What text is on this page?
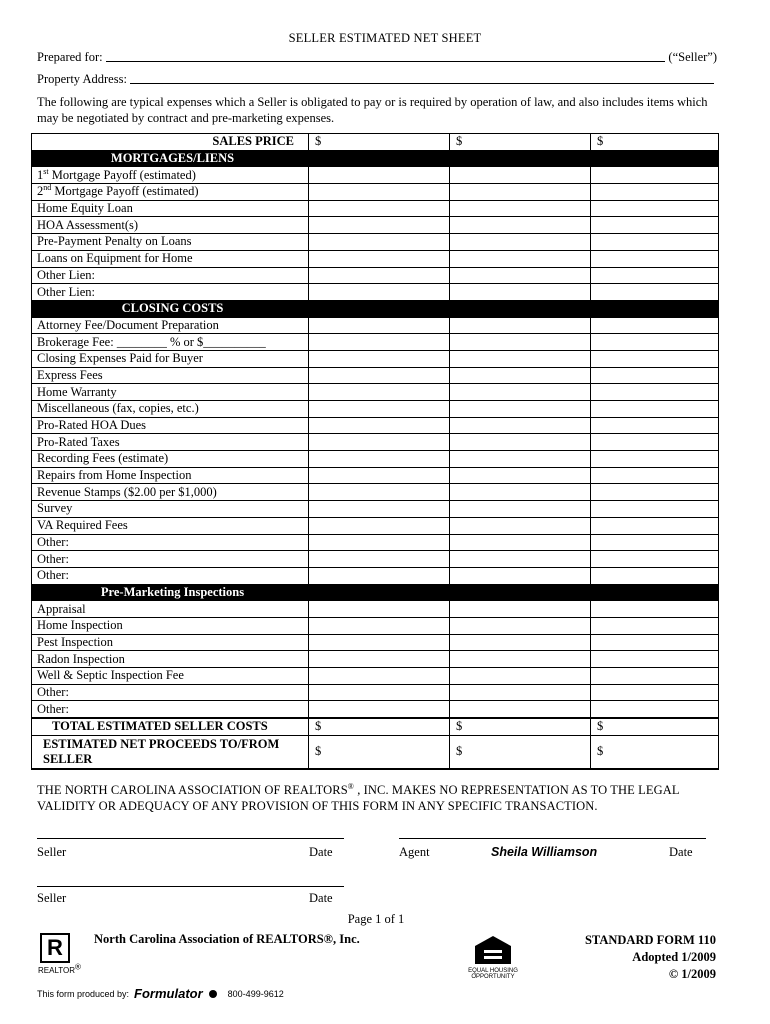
SELLER ESTIMATED NET SHEET
Prepared for:	(“Seller”)
Property Address:
The following are typical expenses which a Seller is obligated to pay or is required by operation of law, and also includes items which may be negotiated by contract and pre-marketing expenses.
SALES PRICE	$	$	$
MORTGAGES/LIENS			
1st Mortgage Payoff (estimated)			
2nd Mortgage Payoff (estimated)			
Home Equity Loan			
HOA Assessment(s)			
Pre-Payment Penalty on Loans			
Loans on Equipment for Home			
Other Lien:			
Other Lien:			
CLOSING COSTS			
Attorney Fee/Document Preparation			
Brokerage Fee: ________ % or $__________			
Closing Expenses Paid for Buyer			
Express Fees			
Home Warranty			
Miscellaneous (fax, copies, etc.)			
Pro-Rated HOA Dues			
Pro-Rated Taxes			
Recording Fees (estimate)			
Repairs from Home Inspection			
Revenue Stamps ($2.00 per $1,000)			
Survey			
VA Required Fees			
Other:			
Other:			
Other:			
Pre-Marketing Inspections			
Appraisal			
Home Inspection			
Pest Inspection			
Radon Inspection			
Well & Septic Inspection Fee			
Other:			
Other:			
TOTAL ESTIMATED SELLER COSTS	$	$	$
ESTIMATED NET PROCEEDS TO/FROM SELLER	$	$	$
THE NORTH CAROLINA ASSOCIATION OF REALTORS® , INC. MAKES NO REPRESENTATION AS TO THE LEGAL VALIDITY OR ADEQUACY OF ANY PROVISION OF THIS FORM IN ANY SPECIFIC TRANSACTION.
Seller	Date	Agent	Sheila Williamson	Date
Seller	Date
Page 1 of 1
North Carolina Association of REALTORS®, Inc.
R
REALTOR®	EQUAL HOUSING
OPPORTUNITY
STANDARD FORM 110
Adopted 1/2009
© 1/2009
This form produced by: Formulator	800-499-9612
